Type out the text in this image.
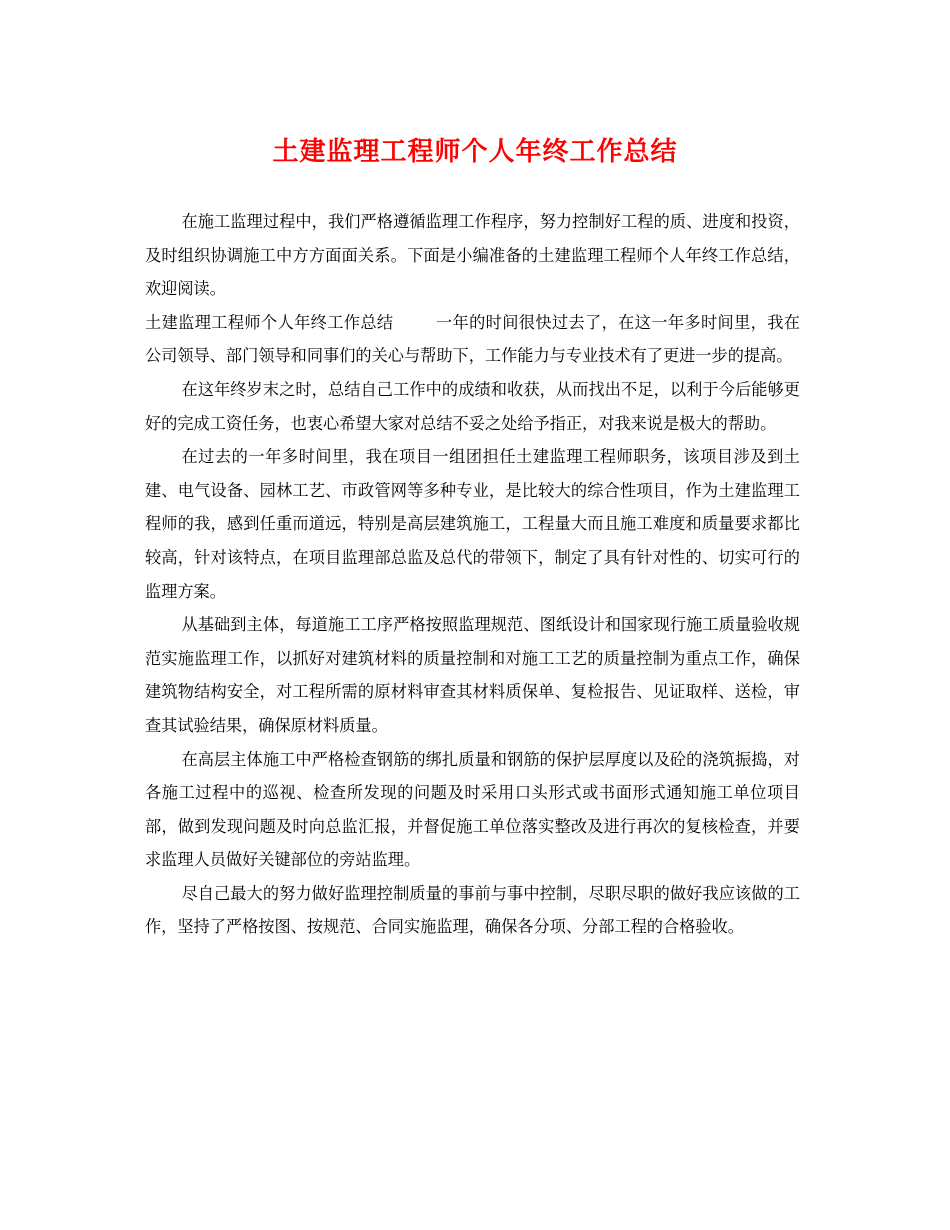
土建监理工程师个人年终工作总结

在施工监理过程中，我们严格遵循监理工作程序，努力控制好工程的质、进度和投资，及时组织协调施工中方方面面关系。下面是小编准备的土建监理工程师个人年终工作总结，欢迎阅读。

土建监理工程师个人年终工作总结	一年的时间很快过去了，在这一年多时间里，我在公司领导、部门领导和同事们的关心与帮助下，工作能力与专业技术有了更进一步的提高。

在这年终岁末之时，总结自己工作中的成绩和收获，从而找出不足，以利于今后能够更好的完成工资任务，也衷心希望大家对总结不妥之处给予指正，对我来说是极大的帮助。

在过去的一年多时间里，我在项目一组团担任土建监理工程师职务，该项目涉及到土建、电气设备、园林工艺、市政管网等多种专业，是比较大的综合性项目，作为土建监理工程师的我，感到任重而道远，特别是高层建筑施工，工程量大而且施工难度和质量要求都比较高，针对该特点，在项目监理部总监及总代的带领下，制定了具有针对性的、切实可行的监理方案。

从基础到主体，每道施工工序严格按照监理规范、图纸设计和国家现行施工质量验收规范实施监理工作，以抓好对建筑材料的质量控制和对施工工艺的质量控制为重点工作，确保建筑物结构安全，对工程所需的原材料审查其材料质保单、复检报告、见证取样、送检，审查其试验结果，确保原材料质量。

在高层主体施工中严格检查钢筋的绑扎质量和钢筋的保护层厚度以及砼的浇筑振捣，对各施工过程中的巡视、检查所发现的问题及时采用口头形式或书面形式通知施工单位项目部，做到发现问题及时向总监汇报，并督促施工单位落实整改及进行再次的复核检查，并要求监理人员做好关键部位的旁站监理。

尽自己最大的努力做好监理控制质量的事前与事中控制，尽职尽职的做好我应该做的工作，坚持了严格按图、按规范、合同实施监理，确保各分项、分部工程的合格验收。
